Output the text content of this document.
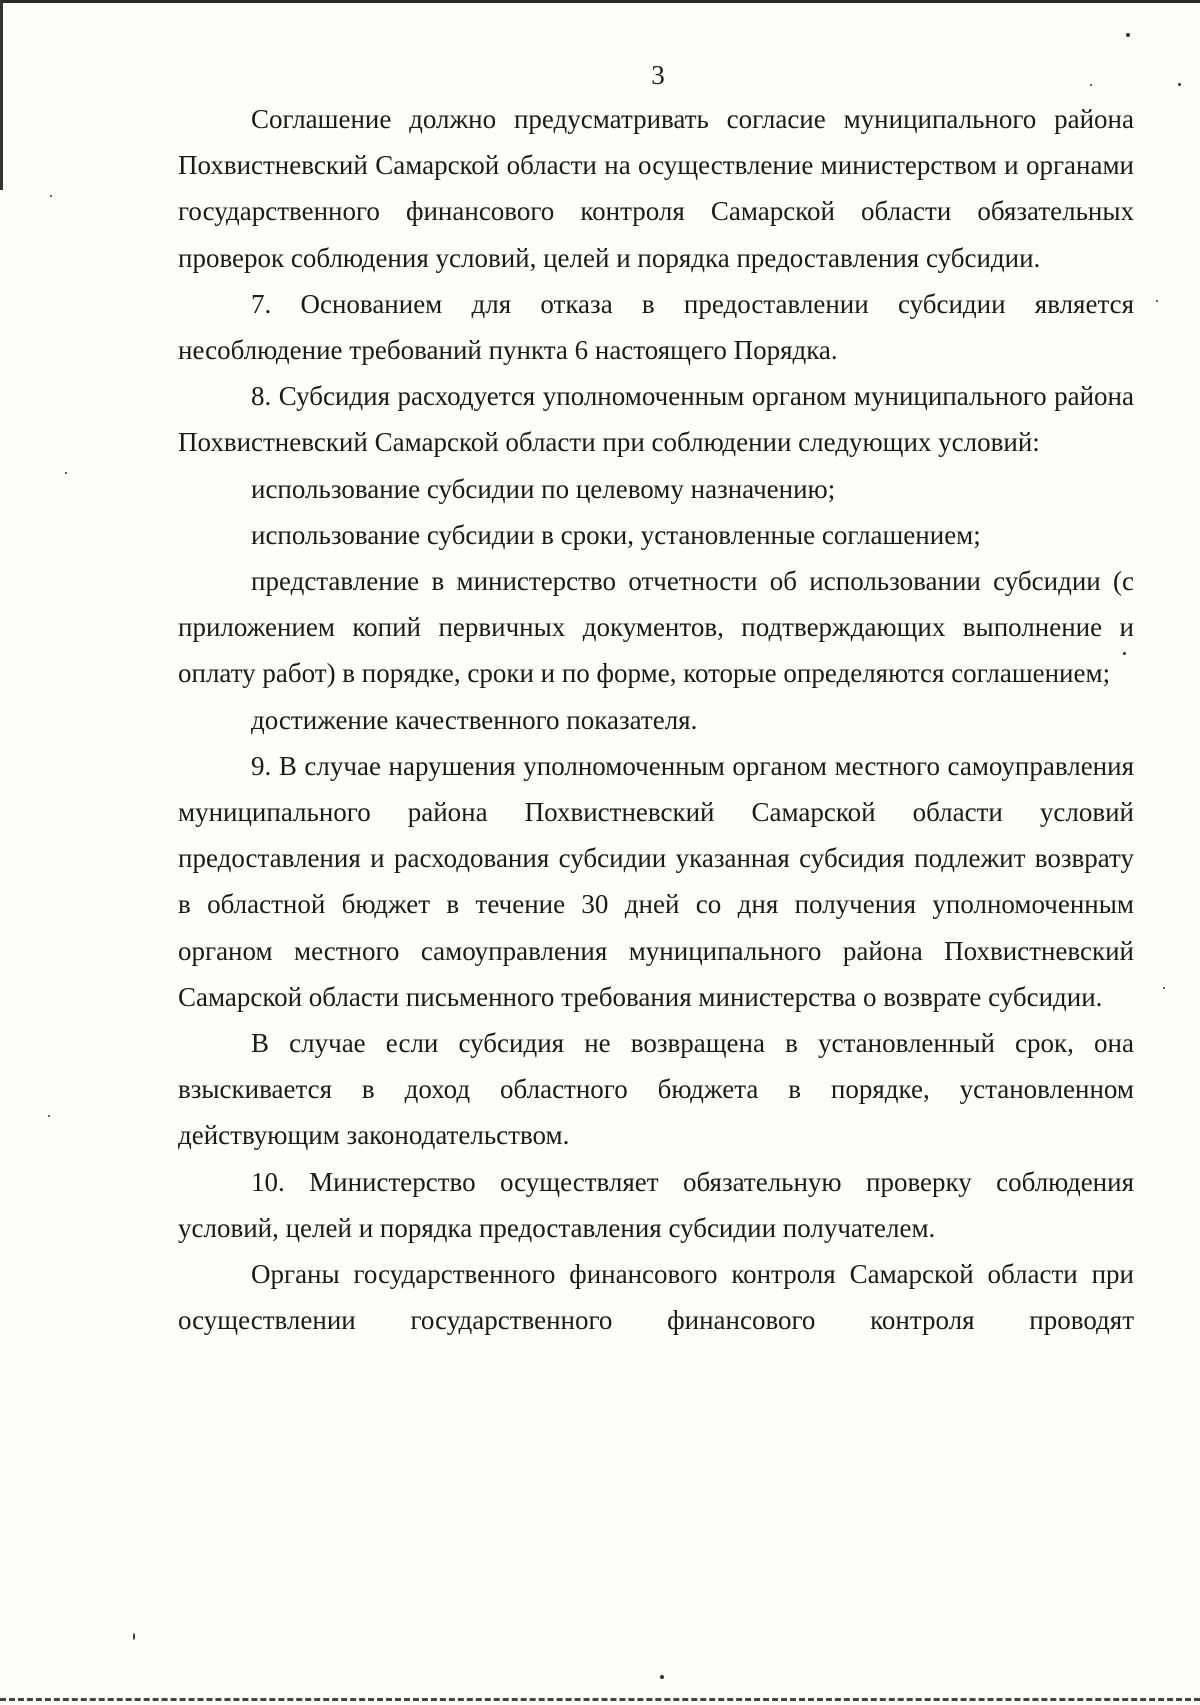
3

Соглашение должно предусматривать согласие муниципального района Похвистневский Самарской области на осуществление министерством и органами государственного финансового контроля Самарской области обязательных проверок соблюдения условий, целей и порядка предоставления субсидии.

7. Основанием для отказа в предоставлении субсидии является несоблюдение требований пункта 6 настоящего Порядка.

8. Субсидия расходуется уполномоченным органом муниципального района Похвистневский Самарской области при соблюдении следующих условий:

использование субсидии по целевому назначению;

использование субсидии в сроки, установленные соглашением;

представление в министерство отчетности об использовании субсидии (с приложением копий первичных документов, подтверждающих выполнение и оплату работ) в порядке, сроки и по форме, которые определяются соглашением;

достижение качественного показателя.

9. В случае нарушения уполномоченным органом местного самоуправления муниципального района Похвистневский Самарской области условий предоставления и расходования субсидии указанная субсидия подлежит возврату в областной бюджет в течение 30 дней со дня получения уполномоченным органом местного самоуправления муниципального района Похвистневский Самарской области письменного требования министерства о возврате субсидии.

В случае если субсидия не возвращена в установленный срок, она взыскивается в доход областного бюджета в порядке, установленном действующим законодательством.

10. Министерство осуществляет обязательную проверку соблюдения условий, целей и порядка предоставления субсидии получателем.

Органы государственного финансового контроля Самарской области при осуществлении государственного финансового контроля проводят
